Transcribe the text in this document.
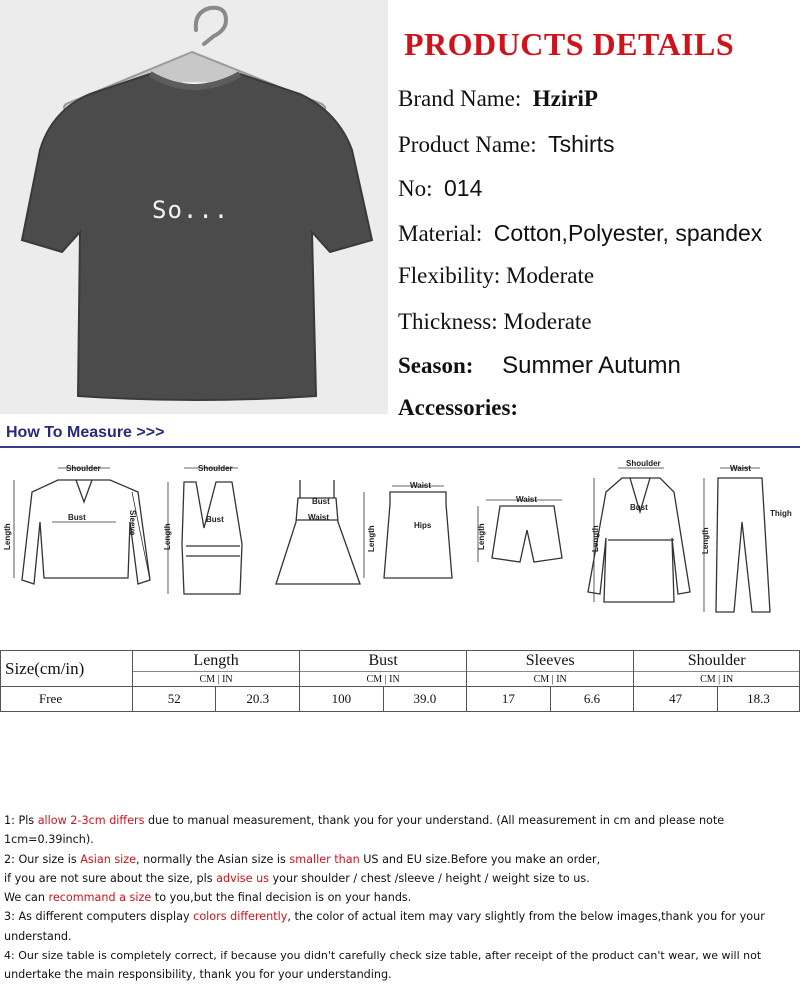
So...
PRODUCTS DETAILS
Brand Name: HziriP
Product Name: Tshirts
No: 014
Material: Cotton,Polyester, spandex
Flexibility: Moderate
Thickness: Moderate
Season: Summer Autumn
Accessories:
How To Measure >>>
Shoulder
Length
Bust	Sleeve
Shoulder
Length
Bust
Bust
Waist
Waist
Length	Hips
Waist
Length
Shoulder
Bust
Length
Waist
Thigh
Length
Size(cm/in)	Length		Bust		Sleeves		Shoulder	
	CM | IN		CM | IN		CM | IN		CM | IN	
Free	52	20.3	100	39.0	17	6.6	47	18.3
1: Pls allow 2-3cm differs due to manual measurement, thank you for your understand. (All measurement in cm and please note
1cm=0.39inch).
2: Our size is Asian size, normally the Asian size is smaller than US and EU size.Before you make an order,
if you are not sure about the size, pls advise us your shoulder / chest /sleeve / height / weight size to us.
We can recommand a size to you,but the final decision is on your hands.
3: As different computers display colors differently, the color of actual item may vary slightly from the below images,thank you for your
understand.
4: Our size table is completely correct, if because you didn't carefully check size table, after receipt of the product can't wear, we will not
undertake the main responsibility, thank you for your understanding.
